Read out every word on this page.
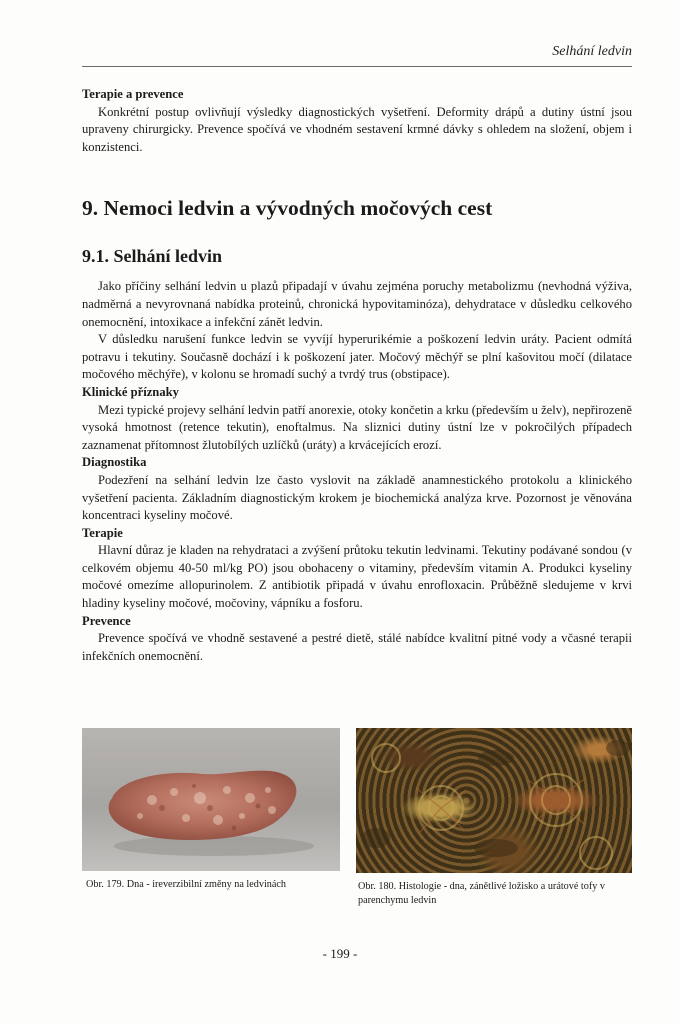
Selhání ledvin
Terapie a prevence

Konkrétní postup ovlivňují výsledky diagnostických vyšetření. Deformity drápů a dutiny ústní jsou upraveny chirurgicky. Prevence spočívá ve vhodném sestavení krmné dávky s ohledem na složení, objem i konzistenci.

9. Nemoci ledvin a vývodných močových cest
9.1. Selhání ledvin

Jako příčiny selhání ledvin u plazů připadají v úvahu zejména poruchy metabolizmu (nevhodná výživa, nadměrná a nevyrovnaná nabídka proteinů, chronická hypovitaminóza), dehydratace v důsledku celkového onemocnění, intoxikace a infekční zánět ledvin.

V důsledku narušení funkce ledvin se vyvíjí hyperurikémie a poškození ledvin uráty. Pacient odmítá potravu i tekutiny. Současně dochází i k poškození jater. Močový měchýř se plní kašovitou močí (dilatace močového měchýře), v kolonu se hromadí suchý a tvrdý trus (obstipace).

Klinické příznaky

Mezi typické projevy selhání ledvin patří anorexie, otoky končetin a krku (především u želv), nepřirozeně vysoká hmotnost (retence tekutin), enoftalmus. Na sliznici dutiny ústní lze v pokročilých případech zaznamenat přítomnost žlutobílých uzlíčků (uráty) a krvácejících erozí.

Diagnostika

Podezření na selhání ledvin lze často vyslovit na základě anamnestického protokolu a klinického vyšetření pacienta. Základním diagnostickým krokem je biochemická analýza krve. Pozornost je věnována koncentraci kyseliny močové.

Terapie

Hlavní důraz je kladen na rehydrataci a zvýšení průtoku tekutin ledvinami. Tekutiny podávané sondou (v celkovém objemu 40-50 ml/kg PO) jsou obohaceny o vitaminy, především vitamin A. Produkci kyseliny močové omezíme allopurinolem. Z antibiotik připadá v úvahu enrofloxacin. Průběžně sledujeme v krvi hladiny kyseliny močové, močoviny, vápníku a fosforu.

Prevence

Prevence spočívá ve vhodně sestavené a pestré dietě, stálé nabídce kvalitní pitné vody a včasné terapii infekčních onemocnění.

Obr. 179. Dna - ireverzibilní změny na ledvinách	Obr. 180. Histologie - dna, zánětlivé ložisko a urátové tofy v parenchymu ledvin
- 199 -
